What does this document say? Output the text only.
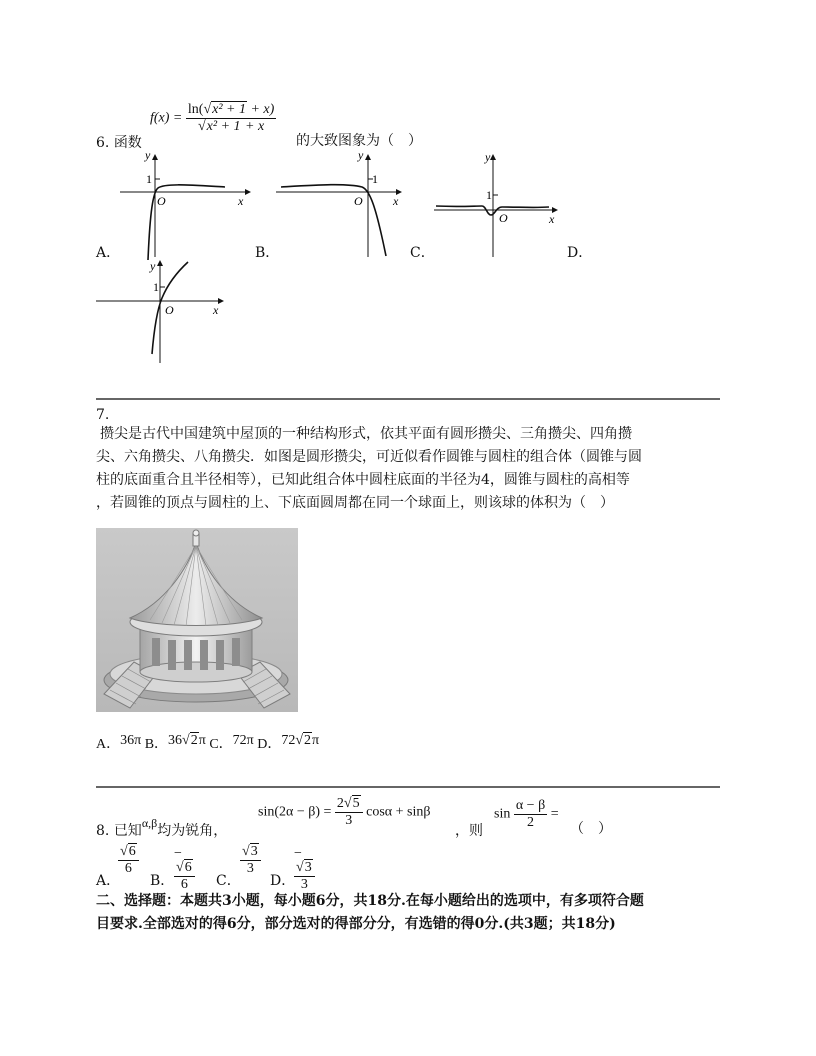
$f(x) = \frac{\text{ln(√x² + 1 + x)}}{\text{√x² + 1 + x}}$
6. 函数	的大致图象为（　）
y
1
O	x
A．
y
1
O	x
B．
y
1
O	x
C．	D．
y
1
O	x
7.
攒尖是古代中国建筑中屋顶的一种结构形式，依其平面有圆形攒尖、三角攒尖、四角攒
尖、六角攒尖、八角攒尖．如图是圆形攒尖，可近似看作圆锥与圆柱的组合体（圆锥与圆
柱的底面重合且半径相等），已知此组合体中圆柱底面的半径为4，圆锥与圆柱的高相等
，若圆锥的顶点与圆柱的上、下底面圆周都在同一个球面上，则该球的体积为（　）
A．36π B．36√2π C．72π D．72√2π
8. 已知α,β均为锐角，
$\sin(2\alpha - \beta) = \frac{2√5}{3}$ cosα + sinβ
，则
$\sin \frac{\alpha - \beta}{2}$ =
（　）
A．
$\frac{√6}{6}$
B．
−
$\frac{√6}{6}$ C．
$\frac{√3}{3}$
D．
−
$\frac{√3}{3}$
二、选择题：本题共3小题，每小题6分，共18分.在每小题给出的选项中，有多项符合题
目要求.全部选对的得6分，部分选对的得部分分，有选错的得0分.(共3题；共18分)
